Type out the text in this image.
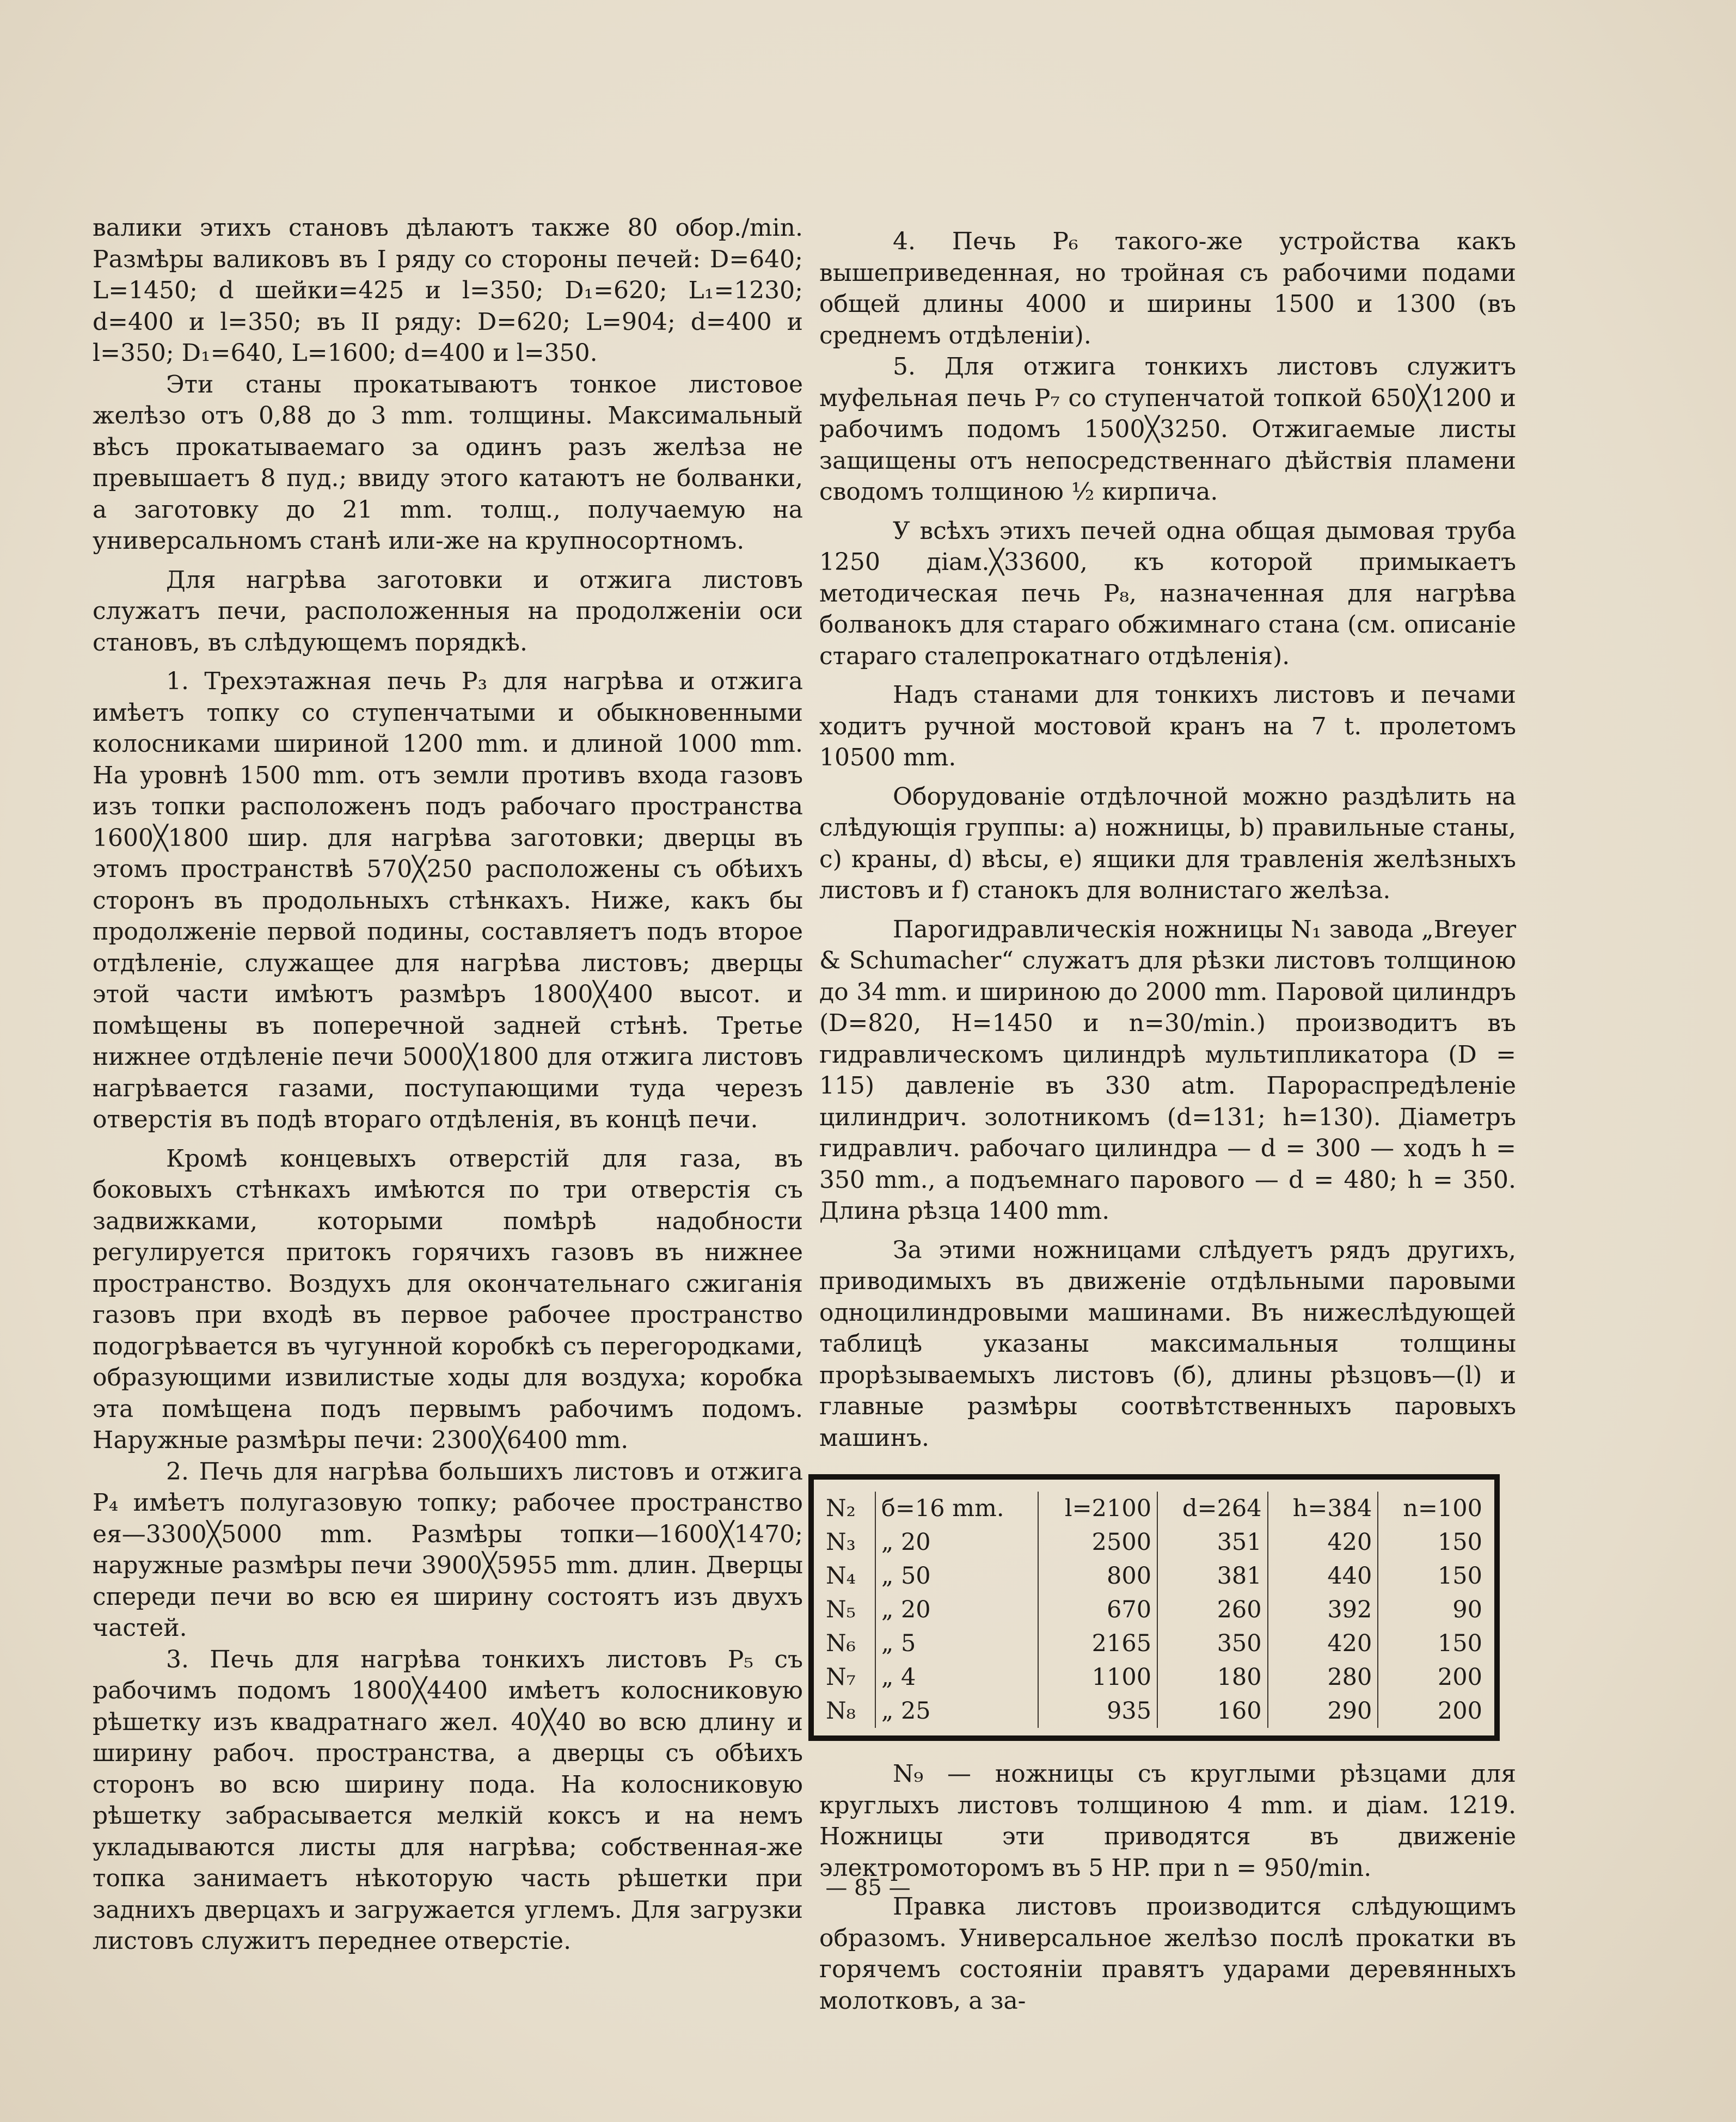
валики этихъ становъ дѣлаютъ также 80 обор./min. Размѣры валиковъ въ I ряду со стороны печей: D=640; L=1450; d шейки=425 и l=350; D₁=620; L₁=1230; d=400 и l=350; въ II ряду: D=620; L=904; d=400 и l=350; D₁=640, L=1600; d=400 и l=350.

Эти станы прокатываютъ тонкое листовое желѣзо отъ 0,88 до 3 mm. толщины. Максимальный вѣсъ прокатываемаго за одинъ разъ желѣза не превышаетъ 8 пуд.; ввиду этого катаютъ не болванки, а заготовку до 21 mm. толщ., получаемую на универсальномъ станѣ или-же на крупносортномъ.

Для нагрѣва заготовки и отжига листовъ служатъ печи, расположенныя на продолженiи оси становъ, въ слѣдующемъ порядкѣ.

1. Трехэтажная печь P₃ для нагрѣва и отжига имѣетъ топку со ступенчатыми и обыкновенными колосниками шириной 1200 mm. и длиной 1000 mm. На уровнѣ 1500 mm. отъ земли противъ входа газовъ изъ топки расположенъ подъ рабочаго пространства 1600╳1800 шир. для нагрѣва заготовки; дверцы въ этомъ пространствѣ 570╳250 расположены съ обѣихъ сторонъ въ продольныхъ стѣнкахъ. Ниже, какъ бы продолженiе первой подины, составляетъ подъ второе отдѣленiе, служащее для нагрѣва листовъ; дверцы этой части имѣютъ размѣръ 1800╳400 высот. и помѣщены въ поперечной задней стѣнѣ. Третье нижнее отдѣленiе печи 5000╳1800 для отжига листовъ нагрѣвается газами, поступающими туда черезъ отверстiя въ подѣ втораго отдѣленiя, въ концѣ печи.

Кромѣ концевыхъ отверстiй для газа, въ боковыхъ стѣнкахъ имѣются по три отверстiя съ задвижками, которыми помѣрѣ надобности регулируется притокъ горячихъ газовъ въ нижнее пространство. Воздухъ для окончательнаго сжиганiя газовъ при входѣ въ первое рабочее пространство подогрѣвается въ чугунной коробкѣ съ перегородками, образующими извилистые ходы для воздуха; коробка эта помѣщена подъ первымъ рабочимъ подомъ. Наружные размѣры печи: 2300╳6400 mm.

2. Печь для нагрѣва большихъ листовъ и отжига P₄ имѣетъ полугазовую топку; рабочее пространство ея—3300╳5000 mm. Размѣры топки—1600╳1470; наружные размѣры печи 3900╳5955 mm. длин. Дверцы спереди печи во всю ея ширину состоятъ изъ двухъ частей.

3. Печь для нагрѣва тонкихъ листовъ P₅ съ рабочимъ подомъ 1800╳4400 имѣетъ колосниковую рѣшетку изъ квадратнаго жел. 40╳40 во всю длину и ширину рабоч. пространства, а дверцы съ обѣихъ сторонъ во всю ширину пода. На колосниковую рѣшетку забрасывается мелкiй коксъ и на немъ укладываются листы для нагрѣва; собственная-же топка занимаетъ нѣкоторую часть рѣшетки при заднихъ дверцахъ и загружается углемъ. Для загрузки листовъ служитъ переднее отверстiе.

4. Печь P₆ такого-же устройства какъ вышеприведенная, но тройная съ рабочими подами общей длины 4000 и ширины 1500 и 1300 (въ среднемъ отдѣленiи).

5. Для отжига тонкихъ листовъ служитъ муфельная печь P₇ со ступенчатой топкой 650╳1200 и рабочимъ подомъ 1500╳3250. Отжигаемые листы защищены отъ непосредственнаго дѣйствiя пламени сводомъ толщиною ½ кирпича.

У всѣхъ этихъ печей одна общая дымовая труба 1250 дiам.╳33600, къ которой примыкаетъ методическая печь P₈, назначенная для нагрѣва болванокъ для стараго обжимнаго стана (см. описанiе стараго сталепрокатнаго отдѣленiя).

Надъ станами для тонкихъ листовъ и печами ходитъ ручной мостовой кранъ на 7 t. пролетомъ 10500 mm.

Оборудованiе отдѣлочной можно раздѣлить на слѣдующiя группы: a) ножницы, b) правильные станы, c) краны, d) вѣсы, e) ящики для травленiя желѣзныхъ листовъ и f) станокъ для волнистаго желѣза.

Парогидравлическiя ножницы N₁ завода „Breyer & Schumacher“ служатъ для рѣзки листовъ толщиною до 34 mm. и шириною до 2000 mm. Паровой цилиндръ (D=820, H=1450 и n=30/min.) производитъ въ гидравлическомъ цилиндрѣ мультипликатора (D = 115) давленiе въ 330 atm. Парораспредѣленiе цилиндрич. золотникомъ (d=131; h=130). Дiаметръ гидравлич. рабочаго цилиндра — d = 300 — ходъ h = 350 mm., а подъемнаго парового — d = 480; h = 350. Длина рѣзца 1400 mm.

За этими ножницами слѣдуетъ рядъ другихъ, приводимыхъ въ движенiе отдѣльными паровыми одноцилиндровыми машинами. Въ нижеслѣдующей таблицѣ указаны максимальныя толщины прорѣзываемыхъ листовъ (б), длины рѣзцовъ—(l) и главные размѣры соотвѣтственныхъ паровыхъ машинъ.

N₂	б=16 mm.	l=2100	d=264	h=384	n=100
N₃	„ 20	2500	351	420	150
N₄	„ 50	800	381	440	150
N₅	„ 20	670	260	392	90
N₆	„ 5	2165	350	420	150
N₇	„ 4	1100	180	280	200
N₈	„ 25	935	160	290	200

N₉ — ножницы съ круглыми рѣзцами для круглыхъ листовъ толщиною 4 mm. и дiам. 1219. Ножницы эти приводятся въ движенiе электромоторомъ въ 5 HP. при n = 950/min.

Правка листовъ производится слѣдующимъ образомъ. Универсальное желѣзо послѣ прокатки въ горячемъ состоянiи правятъ ударами деревянныхъ молотковъ, а за-

— 85 —
